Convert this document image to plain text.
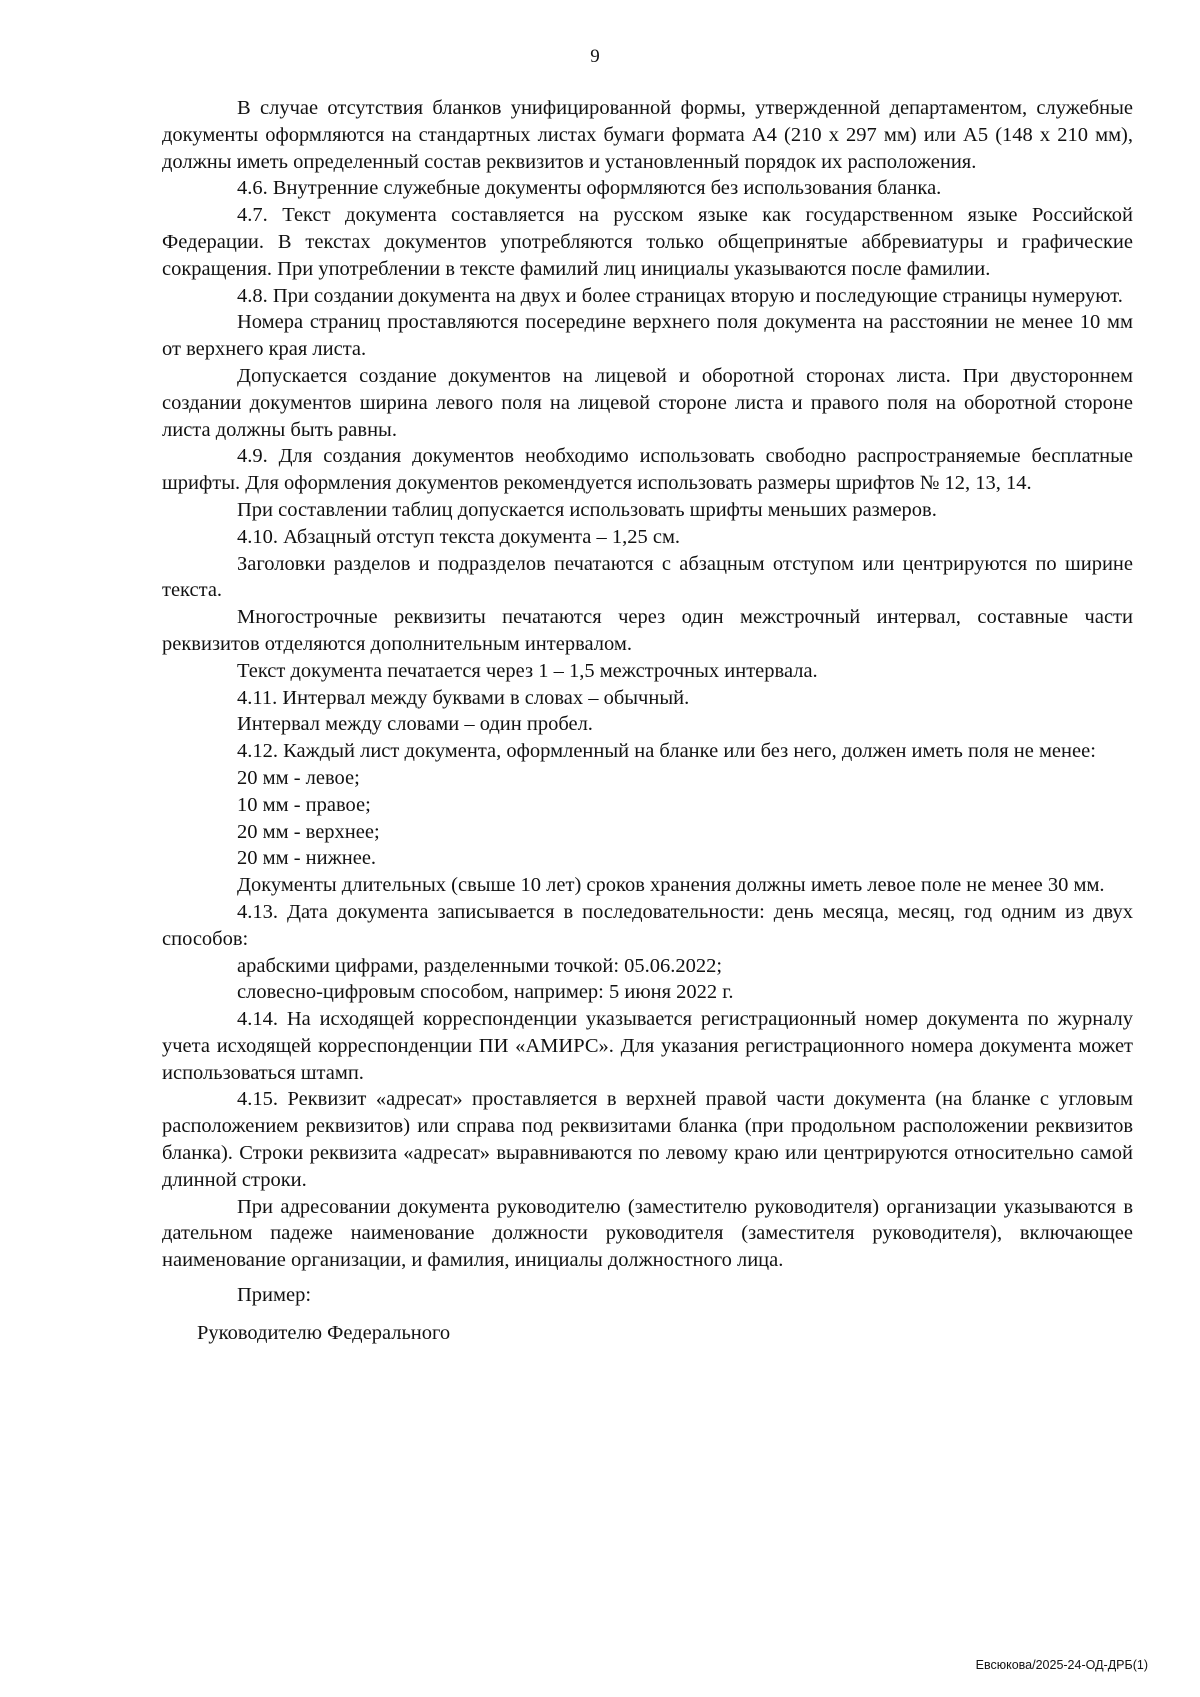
9
В случае отсутствия бланков унифицированной формы, утвержденной департаментом, служебные документы оформляются на стандартных листах бумаги формата А4 (210 x 297 мм) или А5 (148 x 210 мм), должны иметь определенный состав реквизитов и установленный порядок их расположения.
4.6. Внутренние служебные документы оформляются без использования бланка.
4.7. Текст документа составляется на русском языке как государственном языке Российской Федерации. В текстах документов употребляются только общепринятые аббревиатуры и графические сокращения. При употреблении в тексте фамилий лиц инициалы указываются после фамилии.
4.8. При создании документа на двух и более страницах вторую и последующие страницы нумеруют.
Номера страниц проставляются посередине верхнего поля документа на расстоянии не менее 10 мм от верхнего края листа.
Допускается создание документов на лицевой и оборотной сторонах листа. При двустороннем создании документов ширина левого поля на лицевой стороне листа и правого поля на оборотной стороне листа должны быть равны.
4.9. Для создания документов необходимо использовать свободно распространяемые бесплатные шрифты. Для оформления документов рекомендуется использовать размеры шрифтов № 12, 13, 14.
При составлении таблиц допускается использовать шрифты меньших размеров.
4.10. Абзацный отступ текста документа – 1,25 см.
Заголовки разделов и подразделов печатаются с абзацным отступом или центрируются по ширине текста.
Многострочные реквизиты печатаются через один межстрочный интервал, составные части реквизитов отделяются дополнительным интервалом.
Текст документа печатается через 1 – 1,5 межстрочных интервала.
4.11. Интервал между буквами в словах – обычный.
Интервал между словами – один пробел.
4.12. Каждый лист документа, оформленный на бланке или без него, должен иметь поля не менее:
20 мм - левое;
10 мм - правое;
20 мм - верхнее;
20 мм - нижнее.
Документы длительных (свыше 10 лет) сроков хранения должны иметь левое поле не менее 30 мм.
4.13. Дата документа записывается в последовательности: день месяца, месяц, год одним из двух способов:
арабскими цифрами, разделенными точкой: 05.06.2022;
словесно-цифровым способом, например: 5 июня 2022 г.
4.14. На исходящей корреспонденции указывается регистрационный номер документа по журналу учета исходящей корреспонденции ПИ «АМИРС». Для указания регистрационного номера документа может использоваться штамп.
4.15. Реквизит «адресат» проставляется в верхней правой части документа (на бланке с угловым расположением реквизитов) или справа под реквизитами бланка (при продольном расположении реквизитов бланка). Строки реквизита «адресат» выравниваются по левому краю или центрируются относительно самой длинной строки.
При адресовании документа руководителю (заместителю руководителя) организации указываются в дательном падеже наименование должности руководителя (заместителя руководителя), включающее наименование организации, и фамилия, инициалы должностного лица.
Пример:
Руководителю Федерального
Евсюкова/2025-24-ОД-ДРБ(1)
